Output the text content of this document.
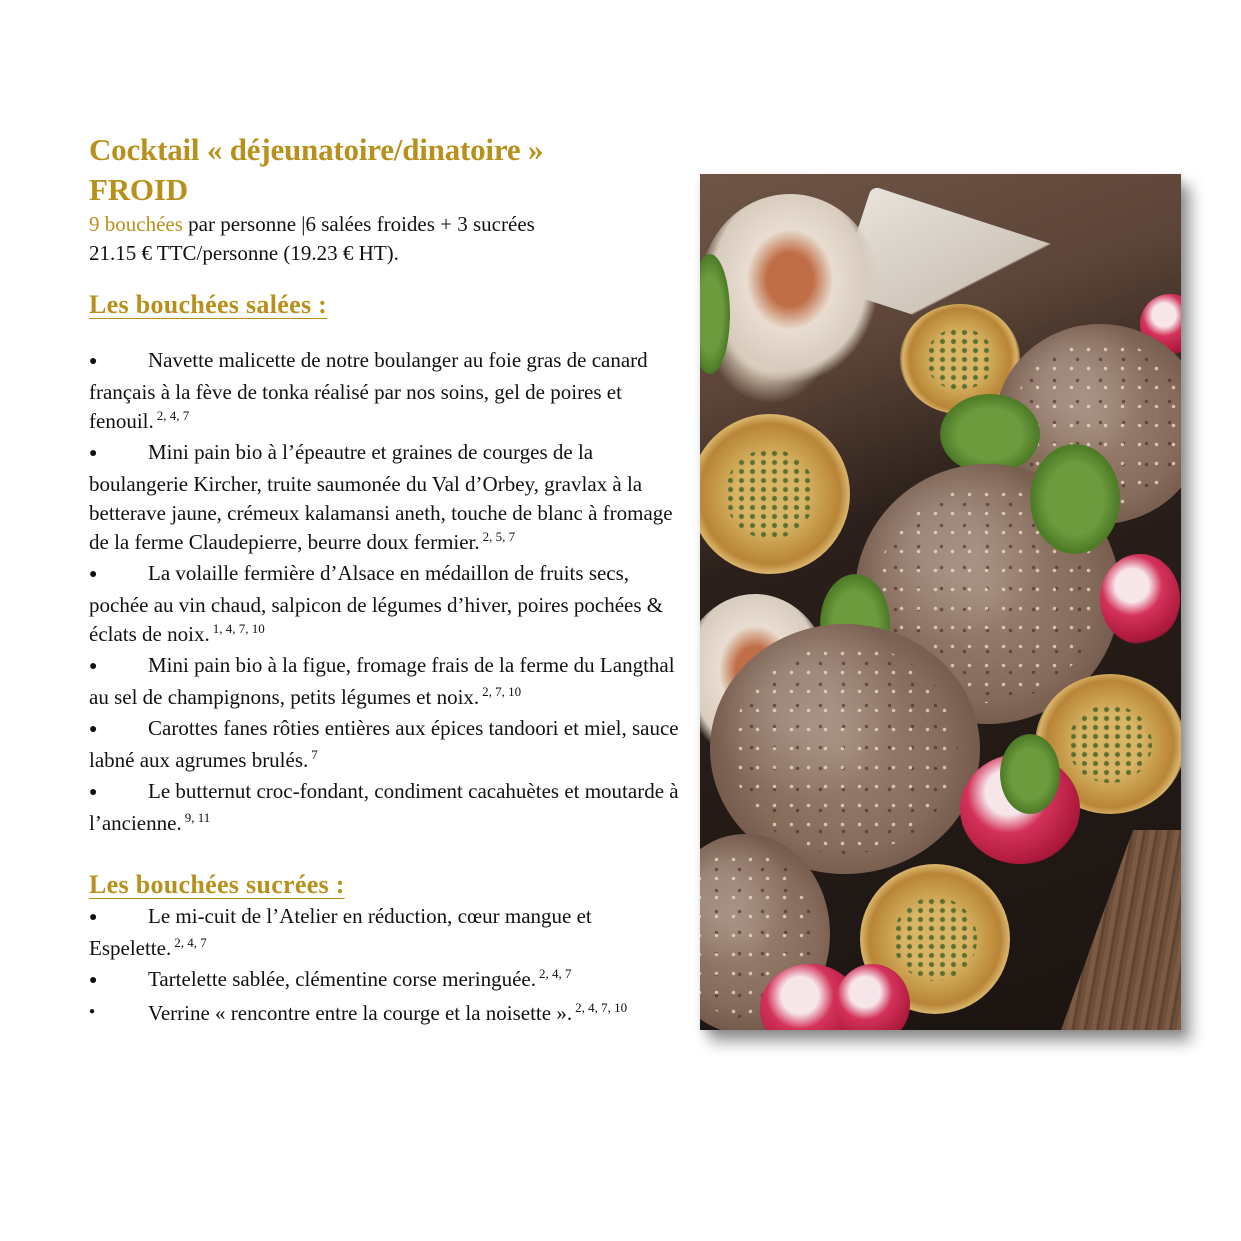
Cocktail « déjeunatoire/dinatoire »
FROID

9 bouchées par personne |6 salées froides + 3 sucrées

21.15 € TTC/personne (19.23 € HT).

Les bouchées salées :
●Navette malicette de notre boulanger au foie gras de canard français à la fève de tonka réalisé par nos soins, gel de poires et fenouil. $^{2, 4, 7}$
●Mini pain bio à l’épeautre et graines de courges de la boulangerie Kircher, truite saumonée du Val d’Orbey, gravlax à la betterave jaune, crémeux kalamansi aneth, touche de blanc à fromage de la ferme Claudepierre, beurre doux fermier. $^{2, 5, 7}$
●La volaille fermière d’Alsace en médaillon de fruits secs, pochée au vin chaud, salpicon de légumes d’hiver, poires pochées & éclats de noix. $^{1, 4, 7, 10}$
●Mini pain bio à la figue, fromage frais de la ferme du Langthal au sel de champignons, petits légumes et noix. $^{2, 7, 10}$
●Carottes fanes rôties entières aux épices tandoori et miel, sauce labné aux agrumes brulés. $^7$
●Le butternut croc-fondant, condiment cacahuètes et moutarde à l’ancienne. $^{9, 11}$
Les bouchées sucrées :
●Le mi-cuit de l’Atelier en réduction, cœur mangue et Espelette. $^{2, 4, 7}$
●Tartelette sablée, clémentine corse meringuée. $^{2, 4, 7}$
●Verrine « rencontre entre la courge et la noisette ». $^{2, 4, 7, 10}$
